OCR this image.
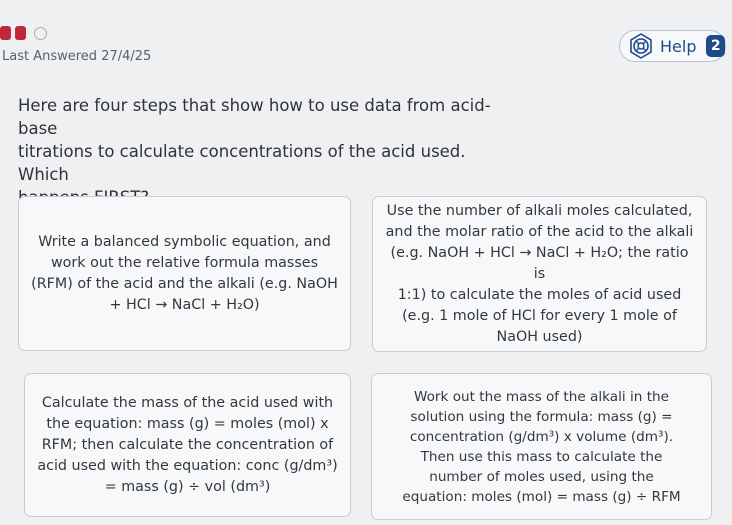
Last Answered 27/4/25
Help	2
Here are four steps that show how to use data from acid-base
titrations to calculate concentrations of the acid used. Which

Write a balanced symbolic equation, and
work out the relative formula masses
(RFM) of the acid and the alkali (e.g. NaOH
+ HCl → NaCl + H₂O)
Use the number of alkali moles calculated,
and the molar ratio of the acid to the alkali
(e.g. NaOH + HCl → NaCl + H₂O; the ratio is
1:1) to calculate the moles of acid used
(e.g. 1 mole of HCl for every 1 mole of
NaOH used)
Calculate the mass of the acid used with
the equation: mass (g) = moles (mol) x
RFM; then calculate the concentration of
acid used with the equation: conc (g/dm³)
= mass (g) ÷ vol (dm³)
Work out the mass of the alkali in the
solution using the formula: mass (g) =
concentration (g/dm³) x volume (dm³).
Then use this mass to calculate the
number of moles used, using the
equation: moles (mol) = mass (g) ÷ RFM
